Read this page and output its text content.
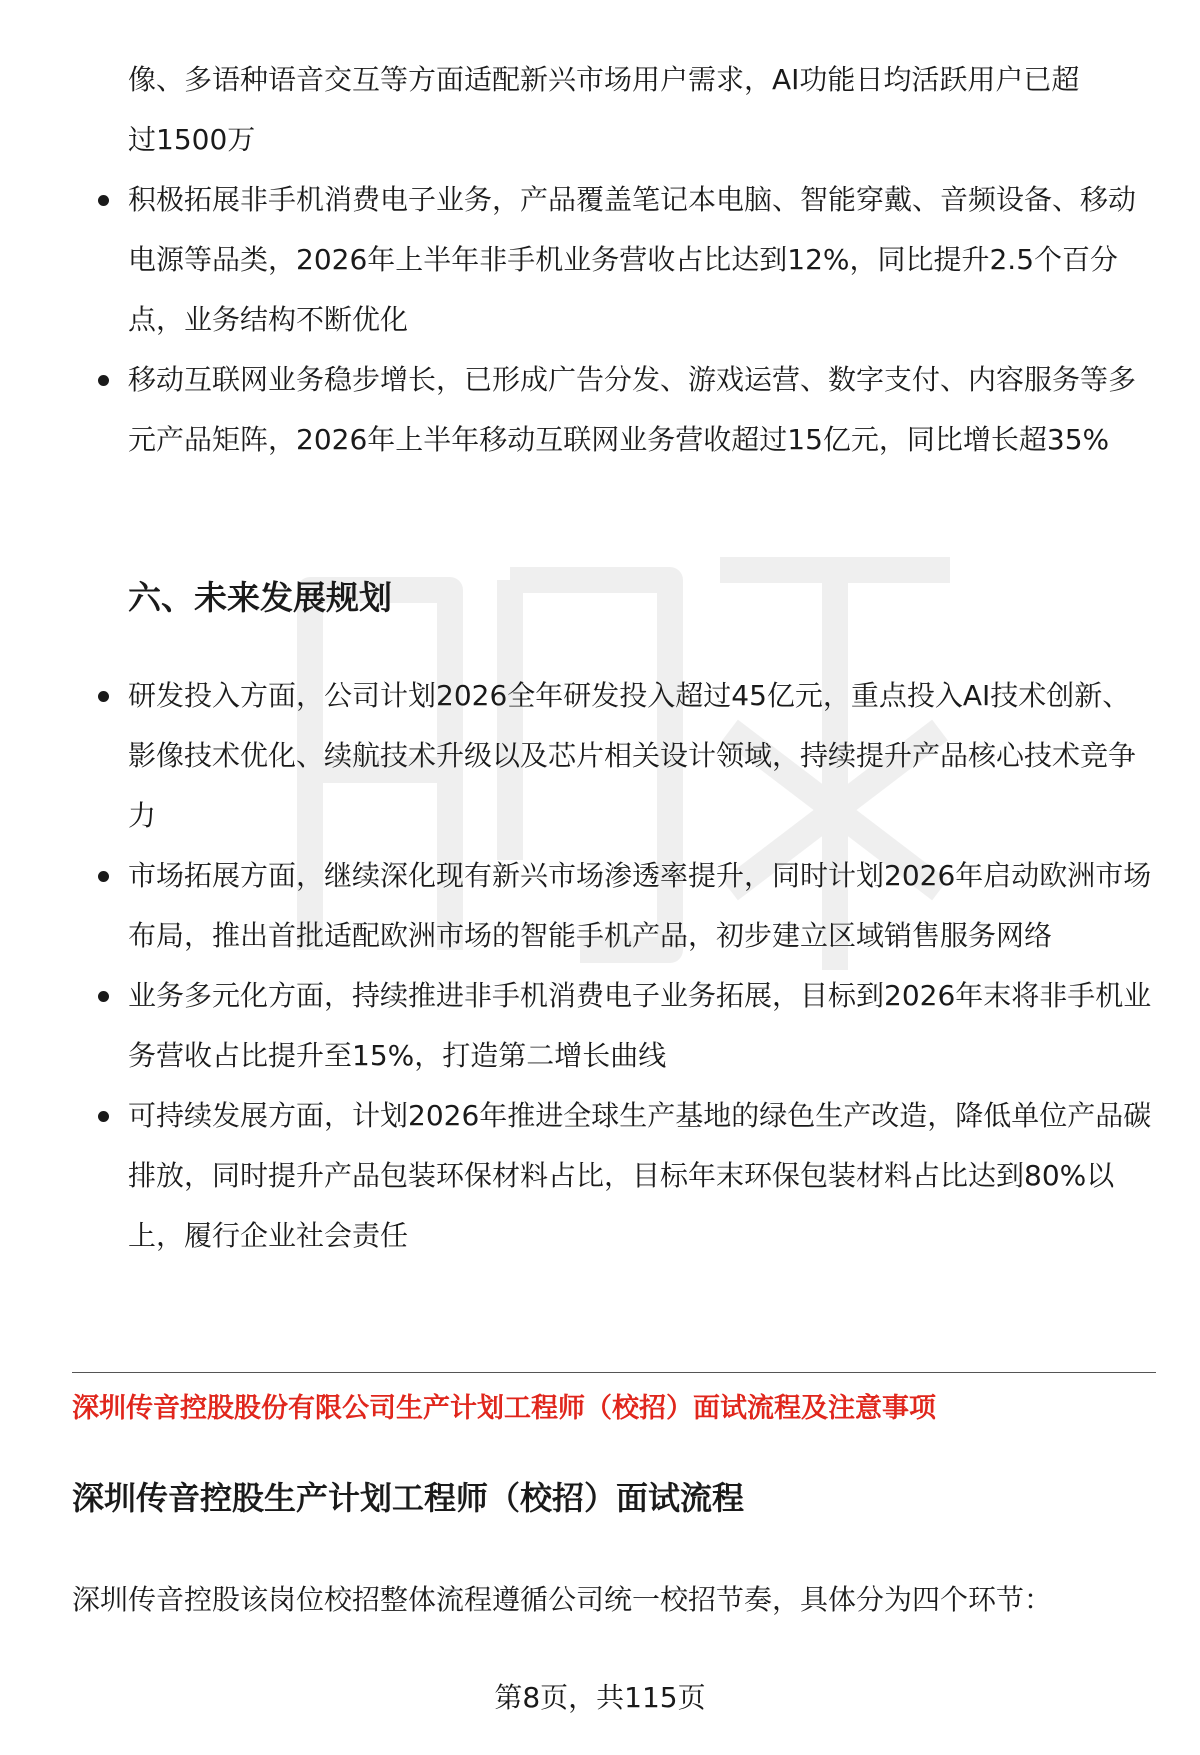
像、多语种语音交互等方面适配新兴市场用户需求，AI功能日均活跃用户已超
过1500万
积极拓展非手机消费电子业务，产品覆盖笔记本电脑、智能穿戴、音频设备、移动电源等品类，2026年上半年非手机业务营收占比达到12%，同比提升2.5个百分点，业务结构不断优化
移动互联网业务稳步增长，已形成广告分发、游戏运营、数字支付、内容服务等多元产品矩阵，2026年上半年移动互联网业务营收超过15亿元，同比增长超35%
六、未来发展规划
研发投入方面，公司计划2026全年研发投入超过45亿元，重点投入AI技术创新、影像技术优化、续航技术升级以及芯片相关设计领域，持续提升产品核心技术竞争力
市场拓展方面，继续深化现有新兴市场渗透率提升，同时计划2026年启动欧洲市场布局，推出首批适配欧洲市场的智能手机产品，初步建立区域销售服务网络
业务多元化方面，持续推进非手机消费电子业务拓展，目标到2026年末将非手机业务营收占比提升至15%，打造第二增长曲线
可持续发展方面，计划2026年推进全球生产基地的绿色生产改造，降低单位产品碳排放，同时提升产品包装环保材料占比，目标年末环保包装材料占比达到80%以上，履行企业社会责任
深圳传音控股股份有限公司生产计划工程师（校招）面试流程及注意事项
深圳传音控股生产计划工程师（校招）面试流程
深圳传音控股该岗位校招整体流程遵循公司统一校招节奏，具体分为四个环节：
第8页，共115页
